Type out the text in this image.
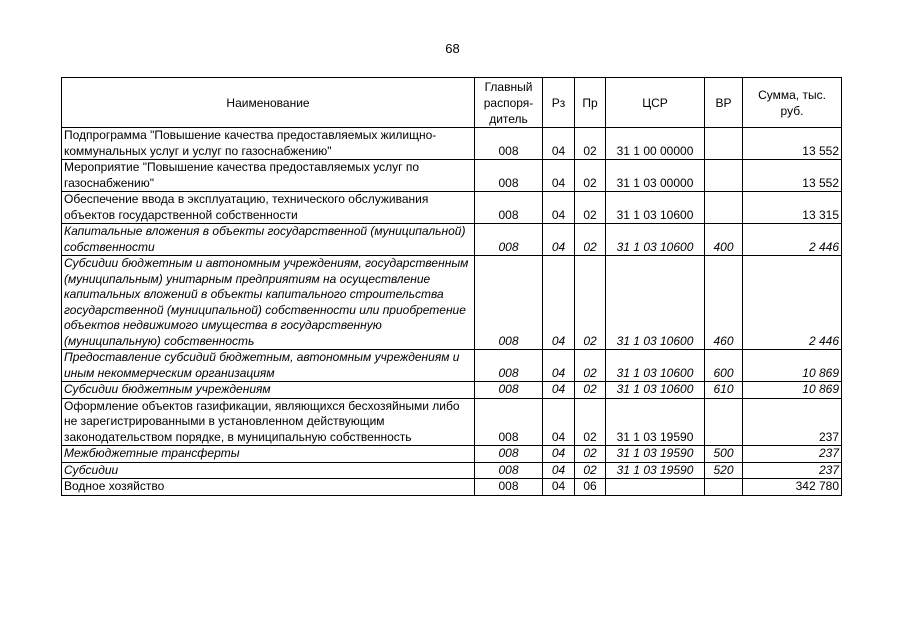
68
Наименование	Главный распоря- дитель	Рз	Пр	ЦСР	ВР	Сумма, тыс. руб.
Подпрограмма "Повышение качества предоставляемых жилищно-коммунальных услуг и услуг по газоснабжению"	008	04	02	31 1 00 00000		13 552
Мероприятие "Повышение качества предоставляемых услуг по газоснабжению"	008	04	02	31 1 03 00000		13 552
Обеспечение ввода в эксплуатацию, технического обслуживания объектов государственной собственности	008	04	02	31 1 03 10600		13 315
Капитальные вложения в объекты государственной (муниципальной) собственности	008	04	02	31 1 03 10600	400	2 446
Субсидии бюджетным и автономным учреждениям, государственным (муниципальным) унитарным предприятиям на осуществление капитальных вложений в объекты капитального строительства государственной (муниципальной) собственности или приобретение объектов недвижимого имущества в государственную (муниципальную) собственность	008	04	02	31 1 03 10600	460	2 446
Предоставление субсидий бюджетным, автономным учреждениям и иным некоммерческим организациям	008	04	02	31 1 03 10600	600	10 869
Субсидии бюджетным учреждениям	008	04	02	31 1 03 10600	610	10 869
Оформление объектов газификации, являющихся бесхозяйными либо не зарегистрированными в установленном действующим законодательством порядке, в муниципальную собственность	008	04	02	31 1 03 19590		237
Межбюджетные трансферты	008	04	02	31 1 03 19590	500	237
Субсидии	008	04	02	31 1 03 19590	520	237
Водное хозяйство	008	04	06			342 780
